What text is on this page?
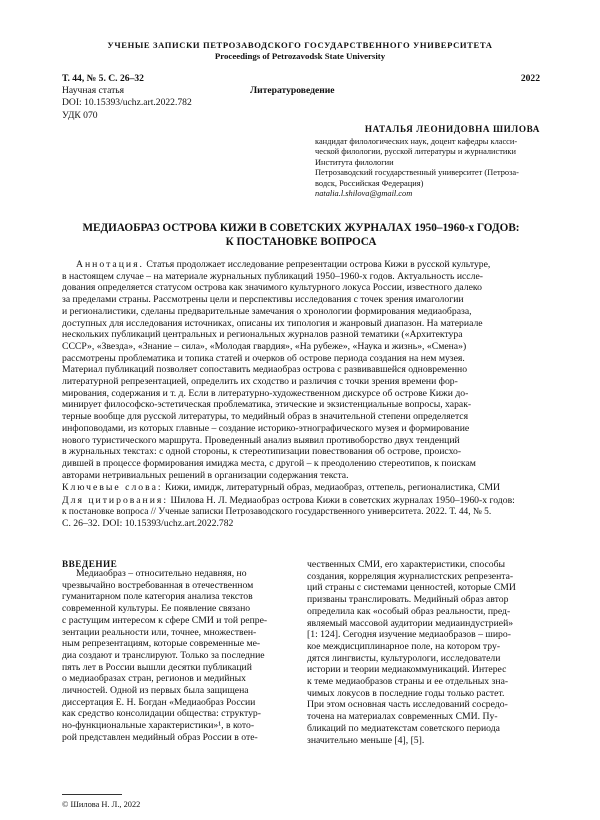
УЧЕНЫЕ ЗАПИСКИ ПЕТРОЗАВОДСКОГО ГОСУДАРСТВЕННОГО УНИВЕРСИТЕТА
Proceedings of Petrozavodsk State University
Т. 44, № 5. С. 26–32
Научная статья
DOI: 10.15393/uchz.art.2022.782
УДК 070
Литературоведение
2022
НАТАЛЬЯ ЛЕОНИДОВНА ШИЛОВА
кандидат филологических наук, доцент кафедры класси-
ческой филологии, русской литературы и журналистики
Института филологии
Петрозаводский государственный университет (Петроза-
водск, Российская Федерация)
natalia.l.shilova@gmail.com
МЕДИАОБРАЗ ОСТРОВА КИЖИ В СОВЕТСКИХ ЖУРНАЛАХ 1950–1960-х ГОДОВ:
К ПОСТАНОВКЕ ВОПРОСА
Аннотация. Статья продолжает исследование репрезентации острова Кижи в русской культуре,
в настоящем случае – на материале журнальных публикаций 1950–1960-х годов. Актуальность иссле-
дования определяется статусом острова как значимого культурного локуса России, известного далеко
за пределами страны. Рассмотрены цели и перспективы исследования с точек зрения имагологии
и регионалистики, сделаны предварительные замечания о хронологии формирования медиаобраза,
доступных для исследования источниках, описаны их типология и жанровый диапазон. На материале
нескольких публикаций центральных и региональных журналов разной тематики («Архитектура
СССР», «Звезда», «Знание – сила», «Молодая гвардия», «На рубеже», «Наука и жизнь», «Смена»)
рассмотрены проблематика и топика статей и очерков об острове периода создания на нем музея.
Материал публикаций позволяет сопоставить медиаобраз острова с развивавшейся одновременно
литературной репрезентацией, определить их сходство и различия с точки зрения времени фор-
мирования, содержания и т. д. Если в литературно-художественном дискурсе об острове Кижи до-
минирует философско-эстетическая проблематика, этические и экзистенциальные вопросы, харак-
терные вообще для русской литературы, то медийный образ в значительной степени определяется
инфоповодами, из которых главные – создание историко-этнографического музея и формирование
нового туристического маршрута. Проведенный анализ выявил противоборство двух тенденций
в журнальных текстах: с одной стороны, к стереотипизации повествования об острове, происхо-
дившей в процессе формирования имиджа места, с другой – к преодолению стереотипов, к поискам
авторами нетривиальных решений в организации содержания текста.
Ключевые слова: Кижи, имидж, литературный образ, медиаобраз, оттепель, регионалистика, СМИ
Для цитирования: Шилова Н. Л. Медиаобраз острова Кижи в советских журналах 1950–1960-х годов:
к постановке вопроса // Ученые записки Петрозаводского государственного университета. 2022. Т. 44, № 5.
С. 26–32. DOI: 10.15393/uchz.art.2022.782
ВВЕДЕНИЕ
Медиаобраз – относительно недавняя, но
чрезвычайно востребованная в отечественном
гуманитарном поле категория анализа текстов
современной культуры. Ее появление связано
с растущим интересом к сфере СМИ и той репре-
зентации реальности или, точнее, множествен-
ным репрезентациям, которые современные ме-
диа создают и транслируют. Только за последние
пять лет в России вышли десятки публикаций
о медиаобразах стран, регионов и медийных
личностей. Одной из первых была защищена
диссертация Е. Н. Богдан «Медиаобраз России
как средство консолидации общества: структур-
но-функциональные характеристики»¹, в кото-
рой представлен медийный образ России в оте-
чественных СМИ, его характеристики, способы
создания, корреляция журналистских репрезента-
ций страны с системами ценностей, которые СМИ
призваны транслировать. Медийный образ автор
определила как «особый образ реальности, пред-
являемый массовой аудитории медиаиндустрией»
[1: 124]. Сегодня изучение медиаобразов – широ-
кое междисциплинарное поле, на котором тру-
дятся лингвисты, культурологи, исследователи
истории и теории медиакоммуникаций. Интерес
к теме медиаобразов страны и ее отдельных зна-
чимых локусов в последние годы только растет.
При этом основная часть исследований сосредо-
точена на материалах современных СМИ. Пу-
бликаций по медиатекстам советского периода
значительно меньше [4], [5].
© Шилова Н. Л., 2022
